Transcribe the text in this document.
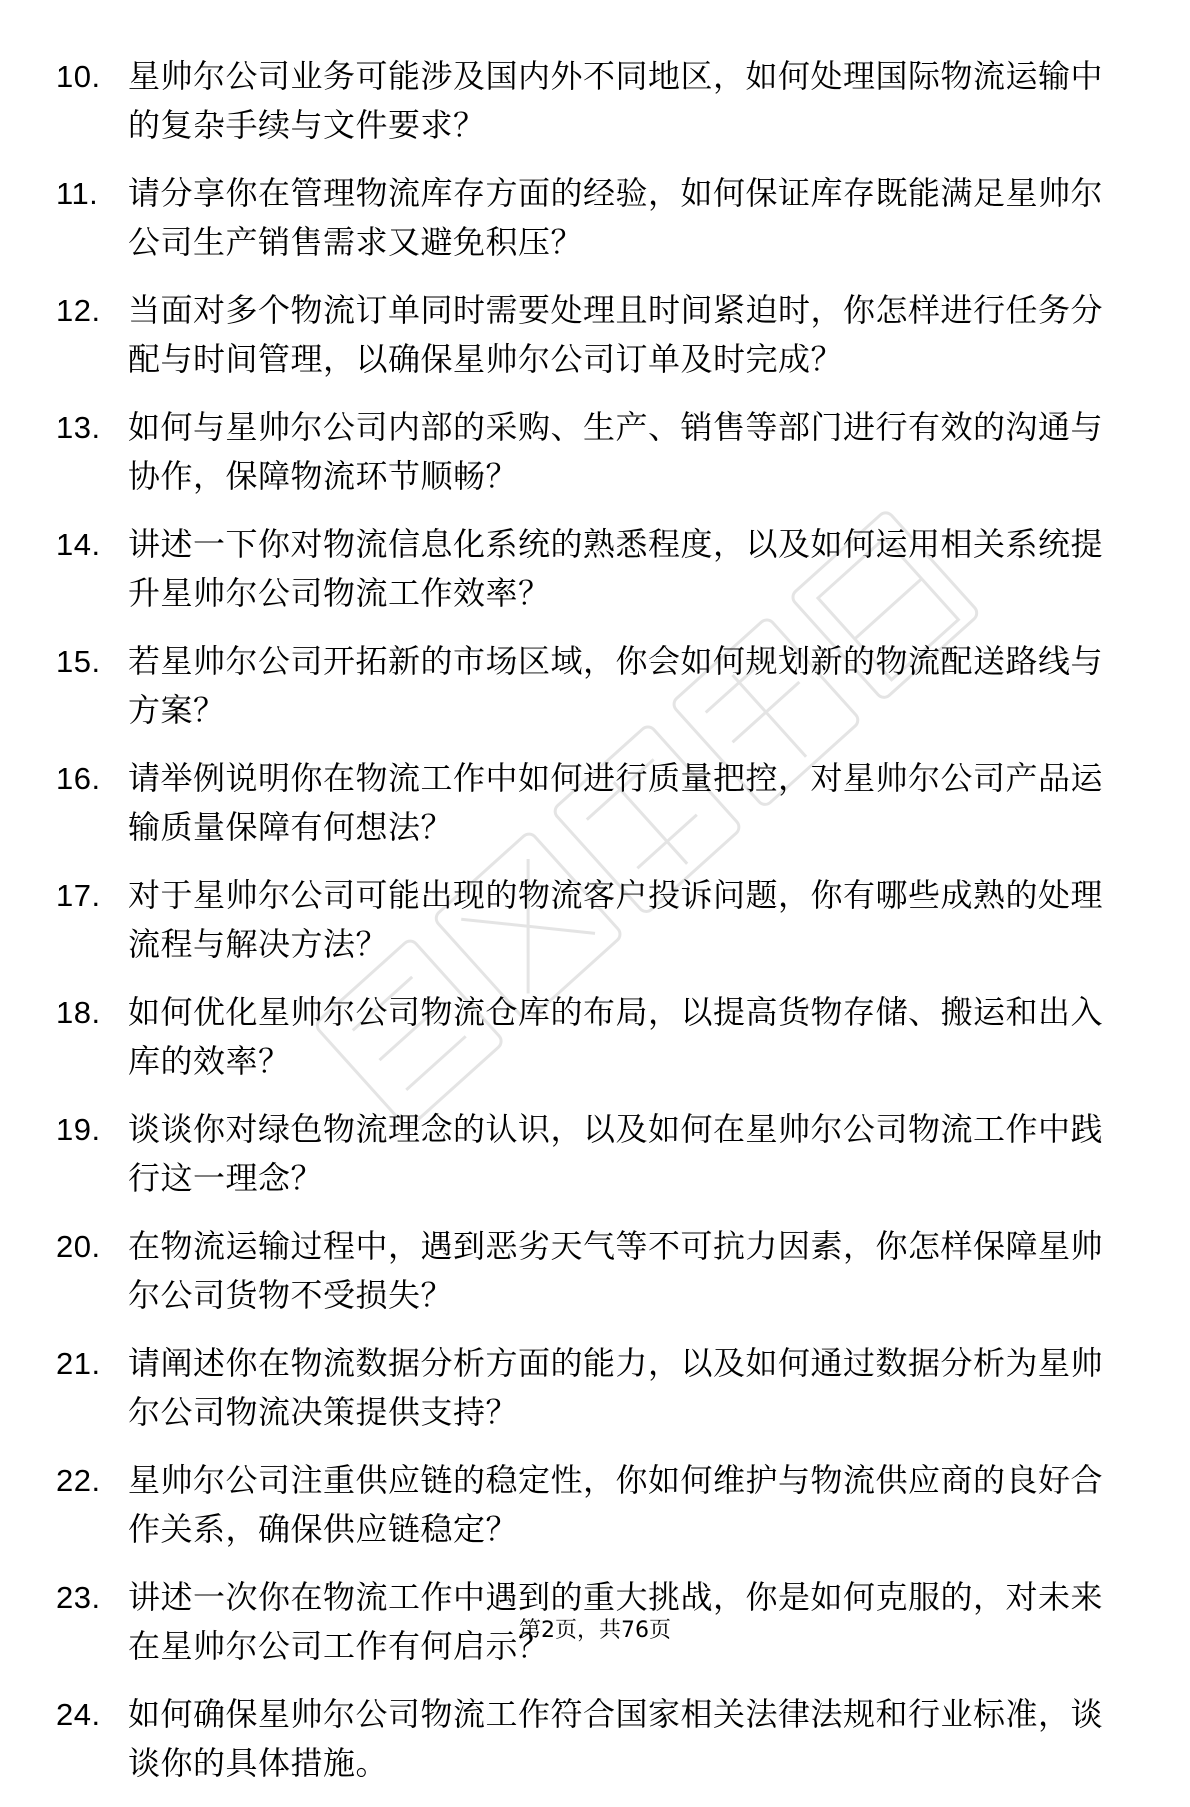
10. 星帅尔公司业务可能涉及国内外不同地区，如何处理国际物流运输中的复杂手续与文件要求？
11. 请分享你在管理物流库存方面的经验，如何保证库存既能满足星帅尔公司生产销售需求又避免积压？
12. 当面对多个物流订单同时需要处理且时间紧迫时，你怎样进行任务分配与时间管理，以确保星帅尔公司订单及时完成？
13. 如何与星帅尔公司内部的采购、生产、销售等部门进行有效的沟通与协作，保障物流环节顺畅？
14. 讲述一下你对物流信息化系统的熟悉程度，以及如何运用相关系统提升星帅尔公司物流工作效率？
15. 若星帅尔公司开拓新的市场区域，你会如何规划新的物流配送路线与方案？
16. 请举例说明你在物流工作中如何进行质量把控，对星帅尔公司产品运输质量保障有何想法？
17. 对于星帅尔公司可能出现的物流客户投诉问题，你有哪些成熟的处理流程与解决方法？
18. 如何优化星帅尔公司物流仓库的布局，以提高货物存储、搬运和出入库的效率？
19. 谈谈你对绿色物流理念的认识，以及如何在星帅尔公司物流工作中践行这一理念？
20. 在物流运输过程中，遇到恶劣天气等不可抗力因素，你怎样保障星帅尔公司货物不受损失？
21. 请阐述你在物流数据分析方面的能力，以及如何通过数据分析为星帅尔公司物流决策提供支持？
22. 星帅尔公司注重供应链的稳定性，你如何维护与物流供应商的良好合作关系，确保供应链稳定？
23. 讲述一次你在物流工作中遇到的重大挑战，你是如何克服的，对未来在星帅尔公司工作有何启示？
24. 如何确保星帅尔公司物流工作符合国家相关法律法规和行业标准，谈谈你的具体措施。
第2页，共76页
